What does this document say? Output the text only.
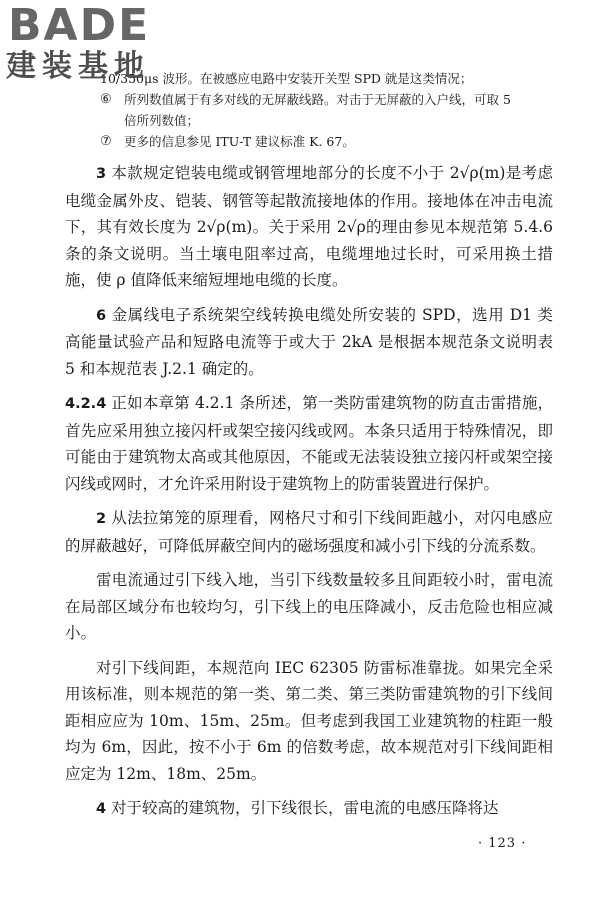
BADE
建装基地
10/350μs 波形。在被感应电路中安装开关型 SPD 就是这类情况；
⑥ 所列数值属于有多对线的无屏蔽线路。对击于无屏蔽的入户线，可取 5
倍所列数值；
⑦ 更多的信息参见 ITU-T 建议标准 K. 67。

3 本款规定铠装电缆或钢管埋地部分的长度不小于 2√ρ(m)是考虑电缆金属外皮、铠装、钢管等起散流接地体的作用。接地体在冲击电流下，其有效长度为 2√ρ(m)。关于采用 2√ρ的理由参见本规范第 5.4.6 条的条文说明。当土壤电阻率过高，电缆埋地过长时，可采用换土措施，使 ρ 值降低来缩短埋地电缆的长度。

6 金属线电子系统架空线转换电缆处所安装的 SPD，选用 D1 类高能量试验产品和短路电流等于或大于 2kA 是根据本规范条文说明表 5 和本规范表 J.2.1 确定的。

4.2.4 正如本章第 4.2.1 条所述，第一类防雷建筑物的防直击雷措施，首先应采用独立接闪杆或架空接闪线或网。本条只适用于特殊情况，即可能由于建筑物太高或其他原因，不能或无法装设独立接闪杆或架空接闪线或网时，才允许采用附设于建筑物上的防雷装置进行保护。

2 从法拉第笼的原理看，网格尺寸和引下线间距越小，对闪电感应的屏蔽越好，可降低屏蔽空间内的磁场强度和减小引下线的分流系数。

雷电流通过引下线入地，当引下线数量较多且间距较小时，雷电流在局部区域分布也较均匀，引下线上的电压降减小，反击危险也相应减小。

对引下线间距，本规范向 IEC 62305 防雷标准靠拢。如果完全采用该标准，则本规范的第一类、第二类、第三类防雷建筑物的引下线间距相应应为 10m、15m、25m。但考虑到我国工业建筑物的柱距一般均为 6m，因此，按不小于 6m 的倍数考虑，故本规范对引下线间距相应定为 12m、18m、25m。

4 对于较高的建筑物，引下线很长，雷电流的电感压降将达

· 123 ·
